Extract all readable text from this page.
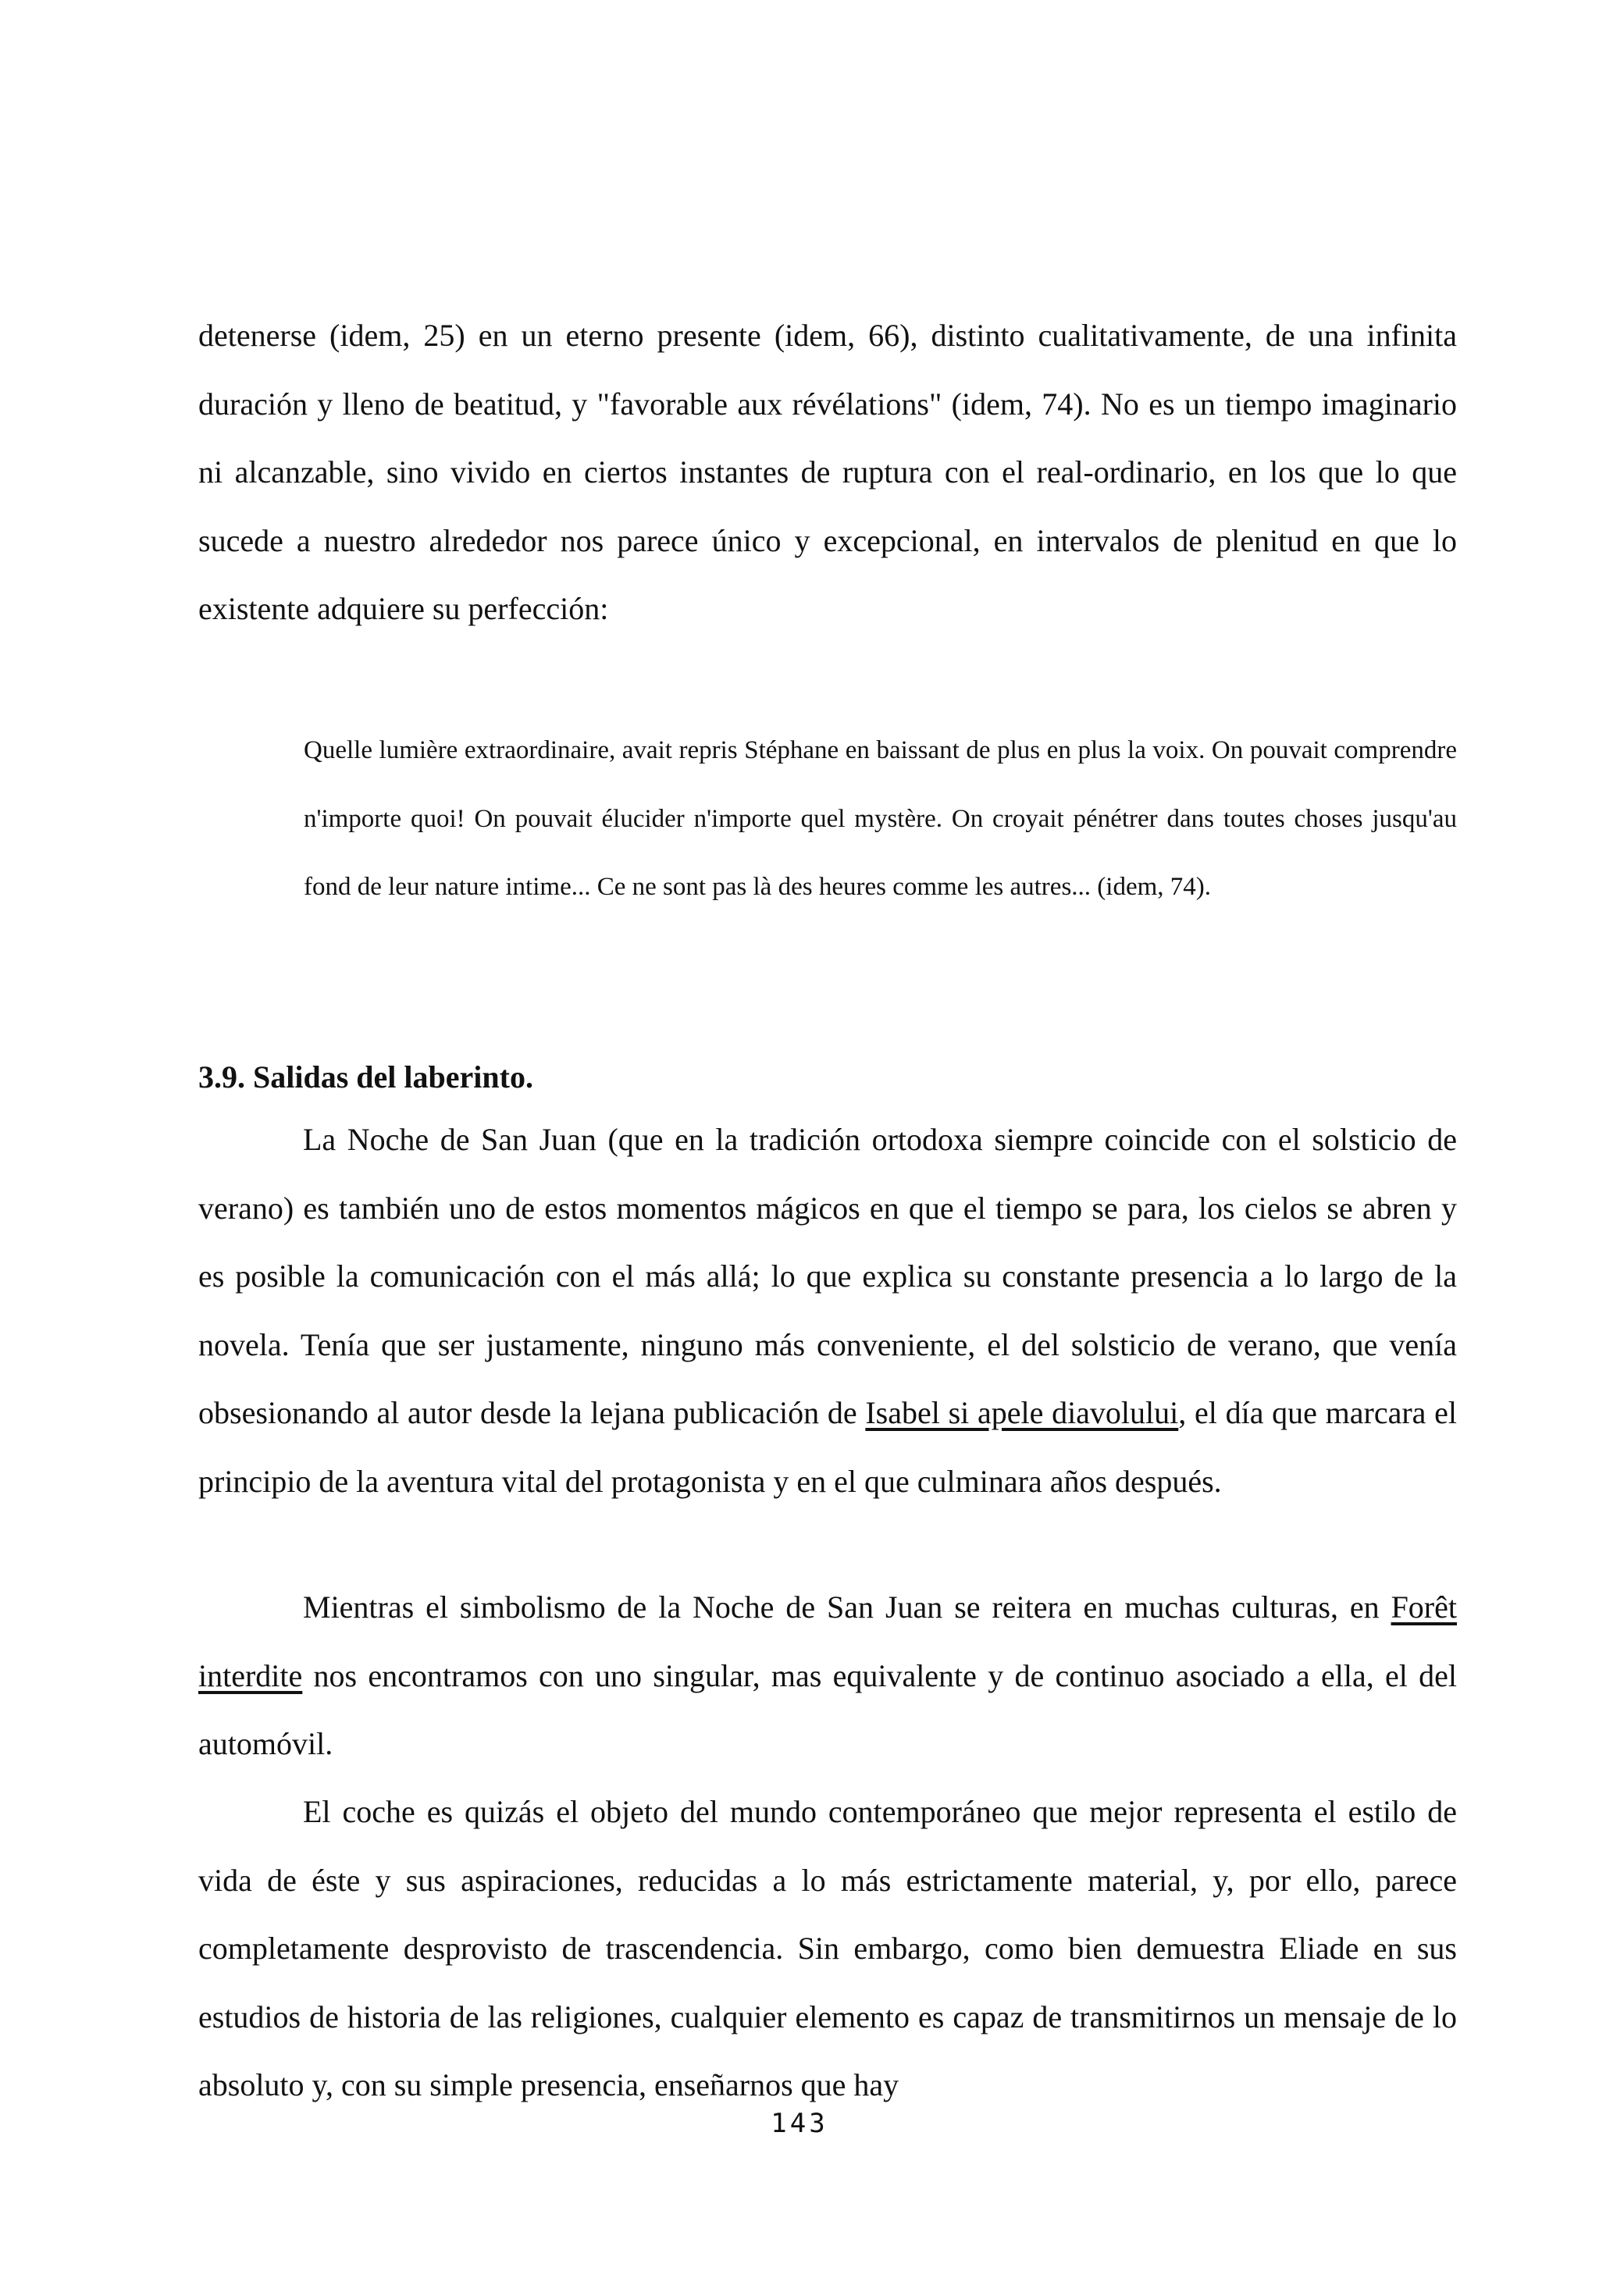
detenerse (idem, 25) en un eterno presente (idem, 66), distinto cualitativamente, de una infinita duración y lleno de beatitud, y "favorable aux révélations" (idem, 74). No es un tiempo imaginario ni alcanzable, sino vivido en ciertos instantes de ruptura con el real-ordinario, en los que lo que sucede a nuestro alrededor nos parece único y excepcional, en intervalos de plenitud en que lo existente adquiere su perfección:

Quelle lumière extraordinaire, avait repris Stéphane en baissant de plus en plus la voix. On pouvait comprendre n'importe quoi! On pouvait élucider n'importe quel mystère. On croyait pénétrer dans toutes choses jusqu'au fond de leur nature intime... Ce ne sont pas là des heures comme les autres... (idem, 74).

3.9. Salidas del laberinto.

La Noche de San Juan (que en la tradición ortodoxa siempre coincide con el solsticio de verano) es también uno de estos momentos mágicos en que el tiempo se para, los cielos se abren y es posible la comunicación con el más allá; lo que explica su constante presencia a lo largo de la novela. Tenía que ser justamente, ninguno más conveniente, el del solsticio de verano, que venía obsesionando al autor desde la lejana publicación de Isabel si apele diavolului, el día que marcara el principio de la aventura vital del protagonista y en el que culminara años después.

Mientras el simbolismo de la Noche de San Juan se reitera en muchas culturas, en Forêt interdite nos encontramos con uno singular, mas equivalente y de continuo asociado a ella, el del automóvil.

El coche es quizás el objeto del mundo contemporáneo que mejor representa el estilo de vida de éste y sus aspiraciones, reducidas a lo más estrictamente material, y, por ello, parece completamente desprovisto de trascendencia. Sin embargo, como bien demuestra Eliade en sus estudios de historia de las religiones, cualquier elemento es capaz de transmitirnos un mensaje de lo absoluto y, con su simple presencia, enseñarnos que hay

143
